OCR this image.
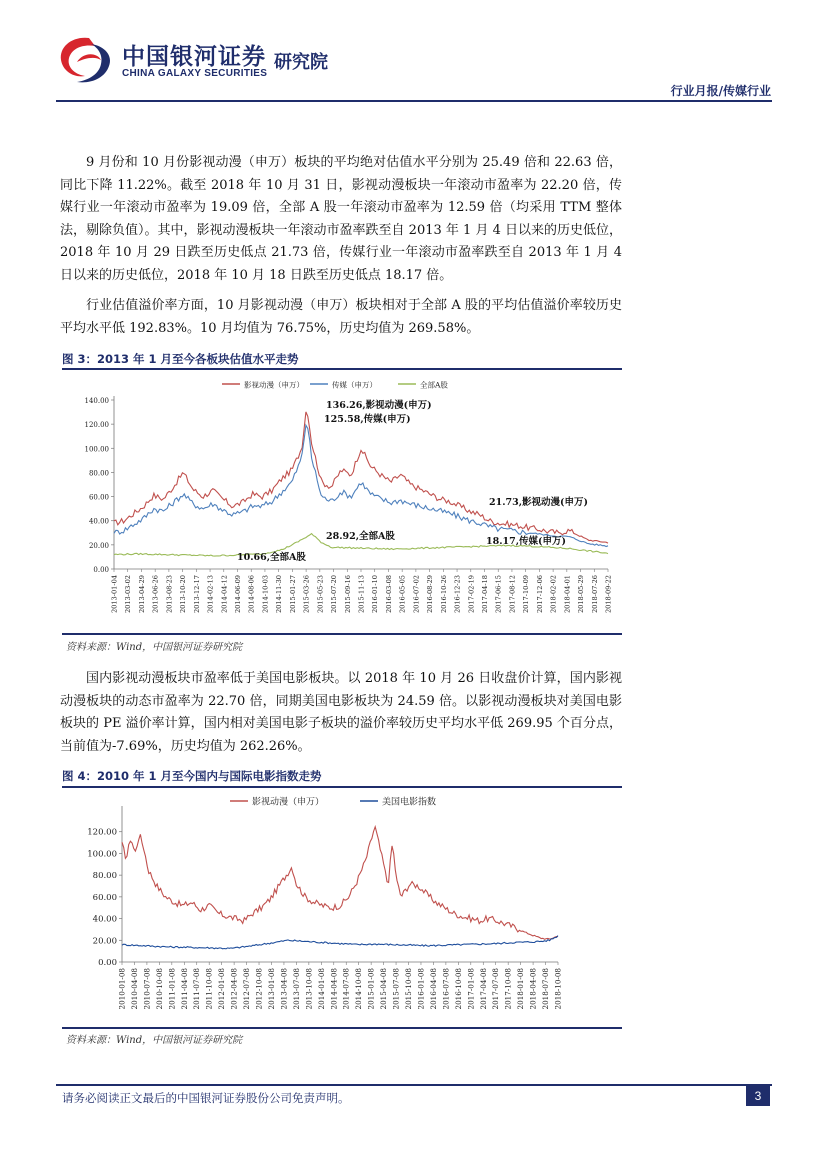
中国银河证券
CHINA GALAXY SECURITIES
研究院
行业月报/传媒行业

9 月份和 10 月份影视动漫（申万）板块的平均绝对估值水平分别为 25.49 倍和 22.63 倍，同比下降 11.22%。截至 2018 年 10 月 31 日，影视动漫板块一年滚动市盈率为 22.20 倍，传媒行业一年滚动市盈率为 19.09 倍，全部 A 股一年滚动市盈率为 12.59 倍（均采用 TTM 整体法，剔除负值）。其中，影视动漫板块一年滚动市盈率跌至自 2013 年 1 月 4 日以来的历史低位，2018 年 10 月 29 日跌至历史低点 21.73 倍，传媒行业一年滚动市盈率跌至自 2013 年 1 月 4 日以来的历史低位，2018 年 10 月 18 日跌至历史低点 18.17 倍。

行业估值溢价率方面，10 月影视动漫（申万）板块相对于全部 A 股的平均估值溢价率较历史平均水平低 192.83%。10 月均值为 76.75%，历史均值为 269.58%。

图 3：2013 年 1 月至今各板块估值水平走势
影视动漫（申万）	传媒（申万）	全部A股
0.00
20.00
40.00
60.00
80.00
100.00
120.00
140.00
2013-01-04 2013-03-02 2013-04-29 2013-06-26 2013-08-23 2013-10-20 2013-12-17 2014-02-13 2014-04-12 2014-06-09 2014-08-06 2014-10-03 2014-11-30 2015-01-27 2015-03-26 2015-05-23 2015-07-20 2015-09-16 2015-11-13 2016-01-10 2016-03-08 2016-05-05 2016-07-02 2016-08-29 2016-10-26 2016-12-23 2017-02-19 2017-04-18 2017-06-15 2017-08-12 2017-10-09 2017-12-06 2018-02-02 2018-04-01 2018-05-29 2018-07-26 2018-09-22
136.26,影视动漫(申万)
125.58,传媒(申万)
21.73,影视动漫(申万)
18.17,传媒(申万)
28.92,全部A股
10.66,全部A股
资料来源：Wind，中国银河证券研究院

国内影视动漫板块市盈率低于美国电影板块。以 2018 年 10 月 26 日收盘价计算，国内影视动漫板块的动态市盈率为 22.70 倍，同期美国电影板块为 24.59 倍。以影视动漫板块对美国电影板块的 PE 溢价率计算，国内相对美国电影子板块的溢价率较历史平均水平低 269.95 个百分点，当前值为-7.69%，历史均值为 262.26%。

图 4：2010 年 1 月至今国内与国际电影指数走势
影视动漫（申万）	美国电影指数
0.00
20.00
40.00
60.00
80.00
100.00
120.00
2010-01-08 2010-04-08 2010-07-08 2010-10-08 2011-01-08 2011-04-08 2011-07-08 2011-10-08 2012-01-08 2012-04-08 2012-07-08 2012-10-08 2013-01-08 2013-04-08 2013-07-08 2013-10-08 2014-01-08 2014-04-08 2014-07-08 2014-10-08 2015-01-08 2015-04-08 2015-07-08 2015-10-08 2016-01-08 2016-04-08 2016-07-08 2016-10-08 2017-01-08 2017-04-08 2017-07-08 2017-10-08 2018-01-08 2018-04-08 2018-07-08 2018-10-08
资料来源：Wind，中国银河证券研究院
请务必阅读正文最后的中国银河证券股份公司免责声明。	3
